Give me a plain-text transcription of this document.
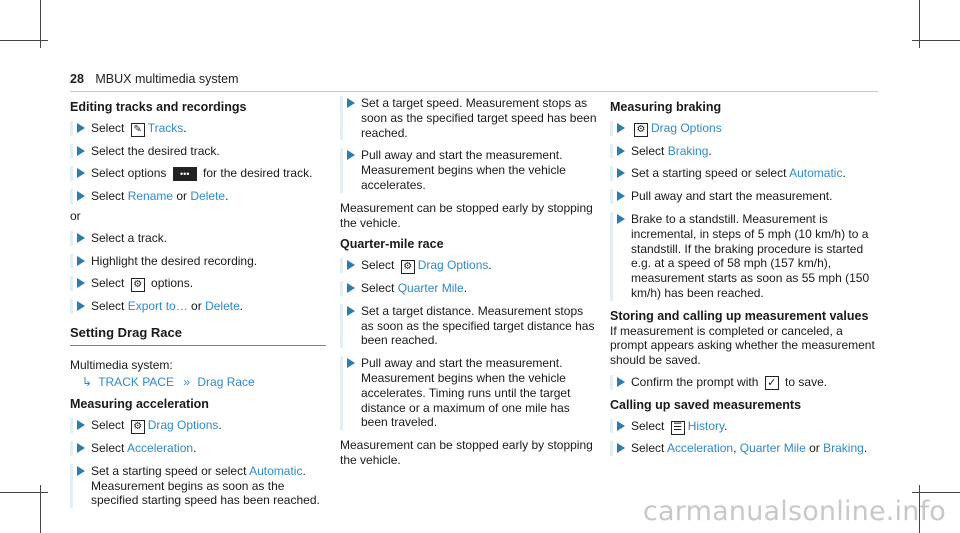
28 MBUX multimedia system
Editing tracks and recordings
Select ✎Tracks.
Select the desired track.
Select options •••	for the desired track.
Select Rename or Delete.
or
Select a track.
Highlight the desired recording.
Select ⚙ options.
Select Export to… or Delete.
Setting Drag Race
Multimedia system:
↳ TRACK PACE » Drag Race
Measuring acceleration
Select ⚙Drag Options.
Select Acceleration.
Set a starting speed or select Automatic. Measurement begins as soon as the specified starting speed has been reached.
Set a target speed. Measurement stops as soon as the specified target speed has been reached.
Pull away and start the measurement. Measurement begins when the vehicle accelerates.
Measurement can be stopped early by stopping the vehicle.
Quarter-mile race
Select ⚙Drag Options.
Select Quarter Mile.
Set a target distance. Measurement stops as soon as the specified target distance has been reached.
Pull away and start the measurement. Measurement begins when the vehicle accelerates. Timing runs until the target distance or a maximum of one mile has been traveled.
Measurement can be stopped early by stopping the vehicle.
Measuring braking
⚙Drag Options
Select Braking.
Set a starting speed or select Automatic.
Pull away and start the measurement.
Brake to a standstill. Measurement is incremental, in steps of 5 mph (10 km/h) to a standstill. If the braking procedure is started e.g. at a speed of 58 mph (157 km/h), measurement starts as soon as 55 mph (150 km/h) has been reached.
Storing and calling up measurement values
If measurement is completed or canceled, a prompt appears asking whether the measurement should be saved.
Confirm the prompt with ✓ to save.
Calling up saved measurements
Select ☰History.
Select Acceleration, Quarter Mile or Braking.
carmanualsonline.info
